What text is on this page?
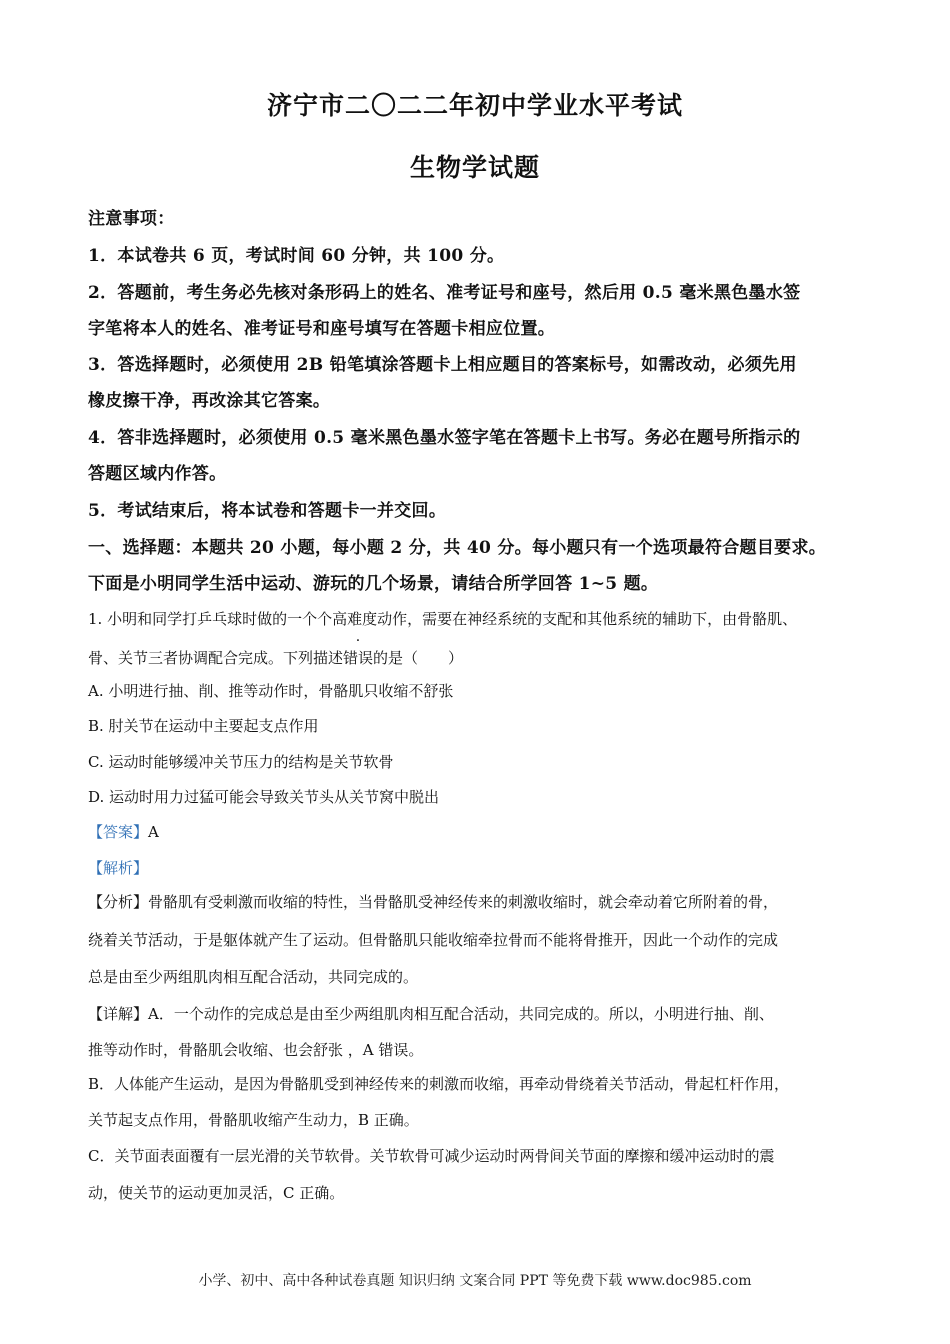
济宁市二〇二二年初中学业水平考试
生物学试题
注意事项：
1．本试卷共 6 页，考试时间 60 分钟，共 100 分。
2．答题前，考生务必先核对条形码上的姓名、准考证号和座号，然后用 0.5 毫米黑色墨水签
字笔将本人的姓名、准考证号和座号填写在答题卡相应位置。
3．答选择题时，必须使用 2B 铅笔填涂答题卡上相应题目的答案标号，如需改动，必须先用
橡皮擦干净，再改涂其它答案。
4．答非选择题时，必须使用 0.5 毫米黑色墨水签字笔在答题卡上书写。务必在题号所指示的
答题区域内作答。
5．考试结束后，将本试卷和答题卡一并交回。
一、选择题：本题共 20 小题，每小题 2 分，共 40 分。每小题只有一个选项最符合题目要求。
下面是小明同学生活中运动、游玩的几个场景，请结合所学回答 1~5 题。
1. 小明和同学打乒乓球时做的一个个高难度动作，需要在神经系统的支配和其他系统的辅助下，由骨骼肌、
骨、关节三者协调配合完成。下列描述错误的是（　　）
A. 小明进行抽、削、推等动作时，骨骼肌只收缩不舒张
B. 肘关节在运动中主要起支点作用
C. 运动时能够缓冲关节压力的结构是关节软骨
D. 运动时用力过猛可能会导致关节头从关节窝中脱出
【答案】A
【解析】
【分析】骨骼肌有受刺激而收缩的特性，当骨骼肌受神经传来的刺激收缩时，就会牵动着它所附着的骨，
绕着关节活动，于是躯体就产生了运动。但骨骼肌只能收缩牵拉骨而不能将骨推开，因此一个动作的完成
总是由至少两组肌肉相互配合活动，共同完成的。
【详解】A．一个动作的完成总是由至少两组肌肉相互配合活动，共同完成的。所以，小明进行抽、削、
推等动作时，骨骼肌会收缩、也会舒张 ，A 错误。
B．人体能产生运动，是因为骨骼肌受到神经传来的刺激而收缩，再牵动骨绕着关节活动，骨起杠杆作用，
关节起支点作用，骨骼肌收缩产生动力，B 正确。
C．关节面表面覆有一层光滑的关节软骨。关节软骨可减少运动时两骨间关节面的摩擦和缓冲运动时的震
动，使关节的运动更加灵活，C 正确。
小学、初中、高中各种试卷真题 知识归纳 文案合同 PPT 等免费下载 www.doc985.com
